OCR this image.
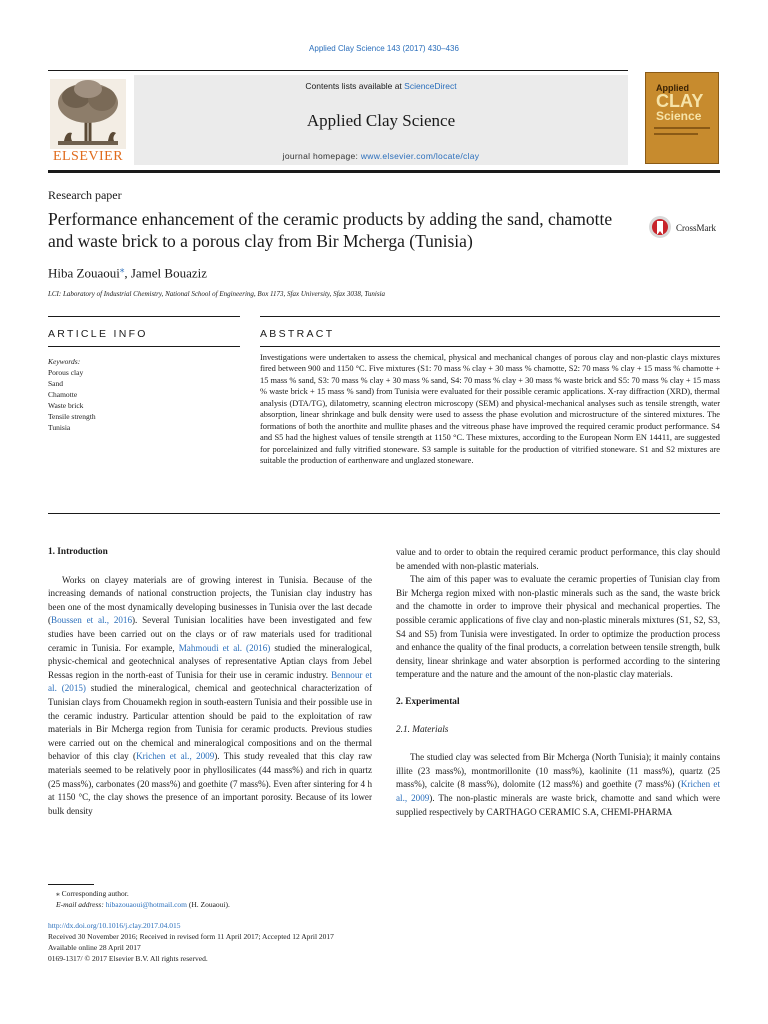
Applied Clay Science 143 (2017) 430–436
ELSEVIER
Contents lists available at ScienceDirect
Applied Clay Science
journal homepage: www.elsevier.com/locate/clay
Applied
CLAY
Science
Research paper
Performance enhancement of the ceramic products by adding the sand, chamotte and waste brick to a porous clay from Bir Mcherga (Tunisia)
CrossMark
Hiba Zouaoui⁎, Jamel Bouaziz
LCI: Laboratory of Industrial Chemistry, National School of Engineering, Box 1173, Sfax University, Sfax 3038, Tunisia
ARTICLE INFO	ABSTRACT
Keywords:
Porous clay
Sand
Chamotte
Waste brick
Tensile strength
Tunisia
Investigations were undertaken to assess the chemical, physical and mechanical changes of porous clay and non-plastic clays mixtures fired between 900 and 1150 °C. Five mixtures (S1: 70 mass % clay + 30 mass % chamotte, S2: 70 mass % clay + 15 mass % chamotte + 15 mass % sand, S3: 70 mass % clay + 30 mass % sand, S4: 70 mass % clay + 30 mass % waste brick and S5: 70 mass % clay + 15 mass % waste brick + 15 mass % sand) from Tunisia were evaluated for their possible ceramic applications. X-ray diffraction (XRD), thermal analysis (DTA/TG), dilatometry, scanning electron microscopy (SEM) and physical-mechanical analyses such as tensile strength, water absorption, linear shrinkage and bulk density were used to assess the phase evolution and microstructure of the sintered mixtures. The formations of both the anorthite and mullite phases and the vitreous phase have improved the required ceramic product performance. S4 and S5 had the highest values of tensile strength at 1150 °C. These mixtures, according to the European Norm EN 14411, are suggested for porcelainized and fully vitrified stoneware. S3 sample is suitable for the production of vitrified stoneware. S1 and S2 mixtures are suitable the production of earthenware and unglazed stoneware.
1. Introduction

Works on clayey materials are of growing interest in Tunisia. Because of the increasing demands of national construction projects, the Tunisian clay industry has been one of the most dynamically developing businesses in Tunisia over the last decade (Boussen et al., 2016). Several Tunisian localities have been investigated and few studies have been carried out on the clays or of raw materials used for traditional ceramic in Tunisia. For example, Mahmoudi et al. (2016) studied the mineralogical, physic-chemical and geotechnical analyses of representative Aptian clays from Jebel Ressas region in the north-east of Tunisia for their use in ceramic industry. Bennour et al. (2015) studied the mineralogical, chemical and geotechnical characterization of Tunisian clays from Chouamekh region in south-eastern Tunisia and their possible use in the ceramic industry. Particular attention should be paid to the exploitation of raw materials in Bir Mcherga region from Tunisia for ceramic products. Previous studies were carried out on the chemical and mineralogical compositions and on the thermal behavior of this clay (Krichen et al., 2009). This study revealed that this clay raw materials seemed to be relatively poor in phyllosilicates (44 mass%) and rich in quartz (25 mass%), carbonates (20 mass%) and goethite (7 mass%). Even after sintering for 4 h at 1150 °C, the clay shows the presence of an important porosity. Because of its lower bulk density

value and to order to obtain the required ceramic product performance, this clay should be amended with non-plastic materials.

The aim of this paper was to evaluate the ceramic properties of Tunisian clay from Bir Mcherga region mixed with non-plastic minerals such as the sand, the waste brick and the chamotte in order to improve their physical and mechanical properties. The possible ceramic applications of five clay and non-plastic minerals mixtures (S1, S2, S3, S4 and S5) from Tunisia were investigated. In order to optimize the production process and enhance the quality of the final products, a correlation between tensile strength, bulk density, linear shrinkage and water absorption is performed according to the sintering temperature and the nature and the amount of the non-plastic clay materials.

2. Experimental
2.1. Materials

The studied clay was selected from Bir Mcherga (North Tunisia); it mainly contains illite (23 mass%), montmorillonite (10 mass%), kaolinite (11 mass%), quartz (25 mass%), calcite (8 mass%), dolomite (12 mass%) and goethite (7 mass%) (Krichen et al., 2009). The non-plastic minerals are waste brick, chamotte and sand which were supplied respectively by CARTHAGO CERAMIC S.A, CHEMI-PHARMA

⁎ Corresponding author.
E-mail address: hibazouaoui@hotmail.com (H. Zouaoui).
http://dx.doi.org/10.1016/j.clay.2017.04.015
Received 30 November 2016; Received in revised form 11 April 2017; Accepted 12 April 2017
Available online 28 April 2017
0169-1317/ © 2017 Elsevier B.V. All rights reserved.
